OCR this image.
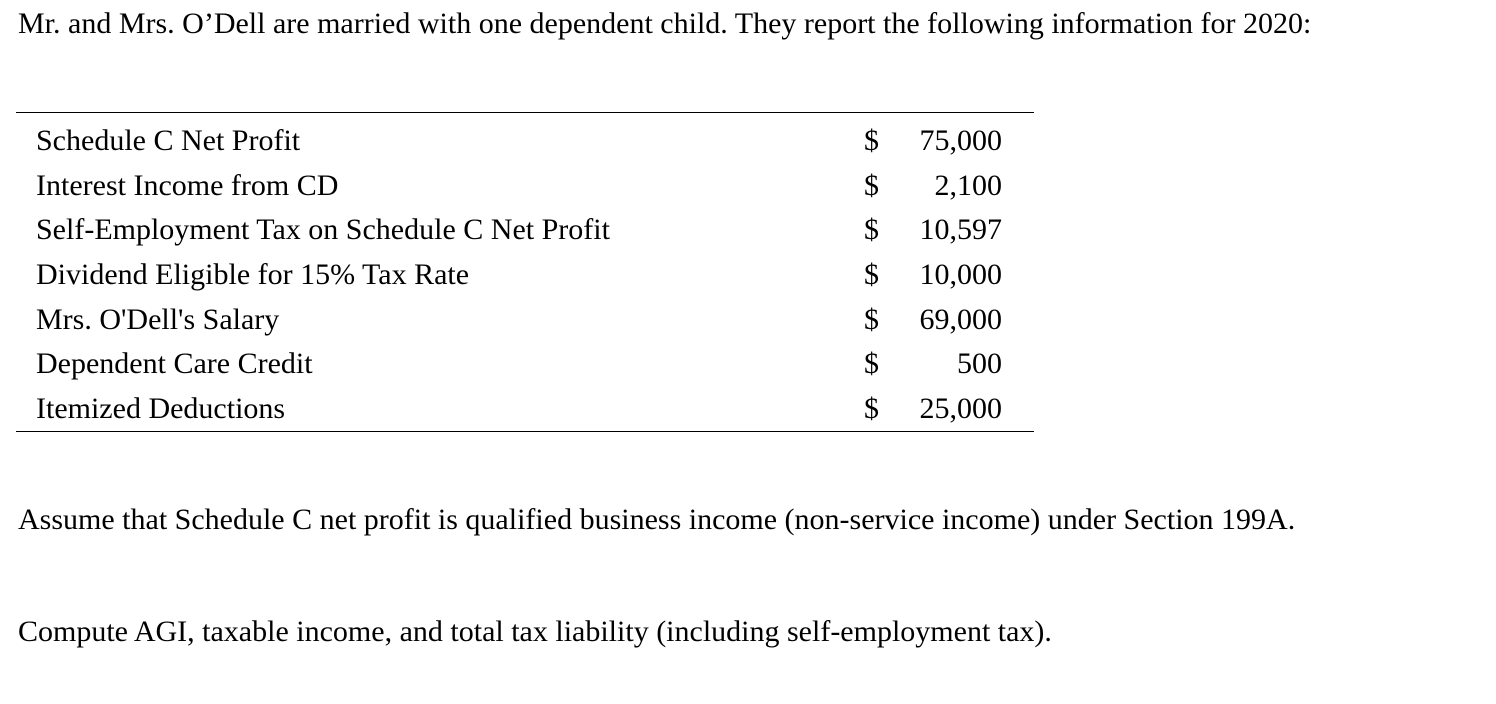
Mr. and Mrs. O’Dell are married with one dependent child. They report the following information for 2020:

Schedule C Net Profit	$ 75,000
Interest Income from CD	$ 2,100
Self-Employment Tax on Schedule C Net Profit	$ 10,597
Dividend Eligible for 15% Tax Rate	$ 10,000
Mrs. O'Dell's Salary	$ 69,000
Dependent Care Credit	$	500
Itemized Deductions	$ 25,000

Assume that Schedule C net profit is qualified business income (non-service income) under Section 199A.

Compute AGI, taxable income, and total tax liability (including self-employment tax).
